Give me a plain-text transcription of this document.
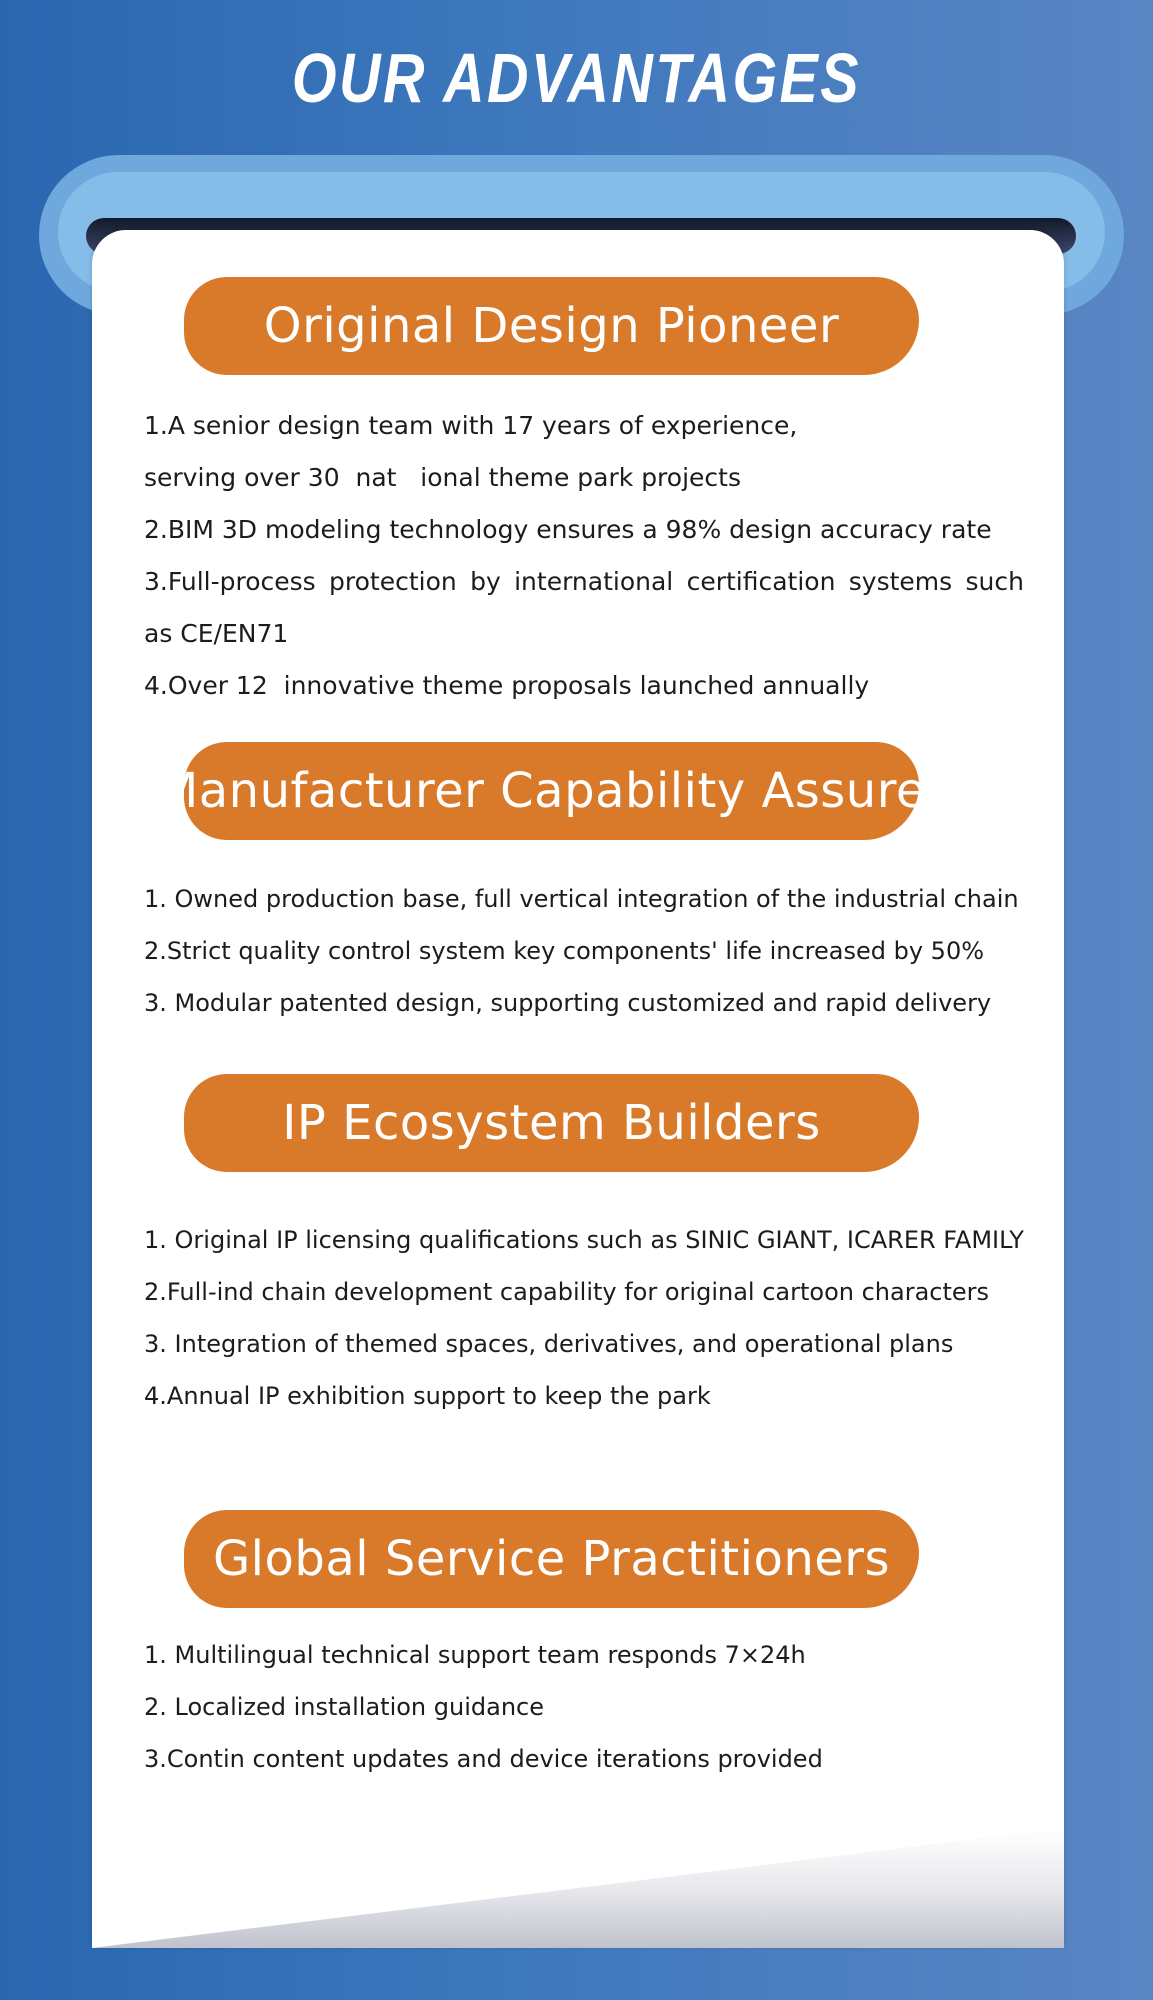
OUR ADVANTAGES
Original Design Pioneer
1.A senior design team with 17 years of experience,
serving over 30  nat   ional theme park projects
2.BIM 3D modeling technology ensures a 98% design accuracy rate
3.Full-process protection by international certification systems such as CE/EN71
4.Over 12  innovative theme proposals launched annually
Manufacturer Capability Assurer
1. Owned production base, full vertical integration of the industrial chain
2.Strict quality control system key components' life increased by 50%
3. Modular patented design, supporting customized and rapid delivery
IP Ecosystem Builders
1. Original IP licensing qualifications such as SINIC GIANT, ICARER FAMILY
2.Full-ind chain development capability for original cartoon characters
3. Integration of themed spaces, derivatives, and operational plans
4.Annual IP exhibition support to keep the park
Global Service Practitioners
1. Multilingual technical support team responds 7×24h
2. Localized installation guidance
3.Contin content updates and device iterations provided
